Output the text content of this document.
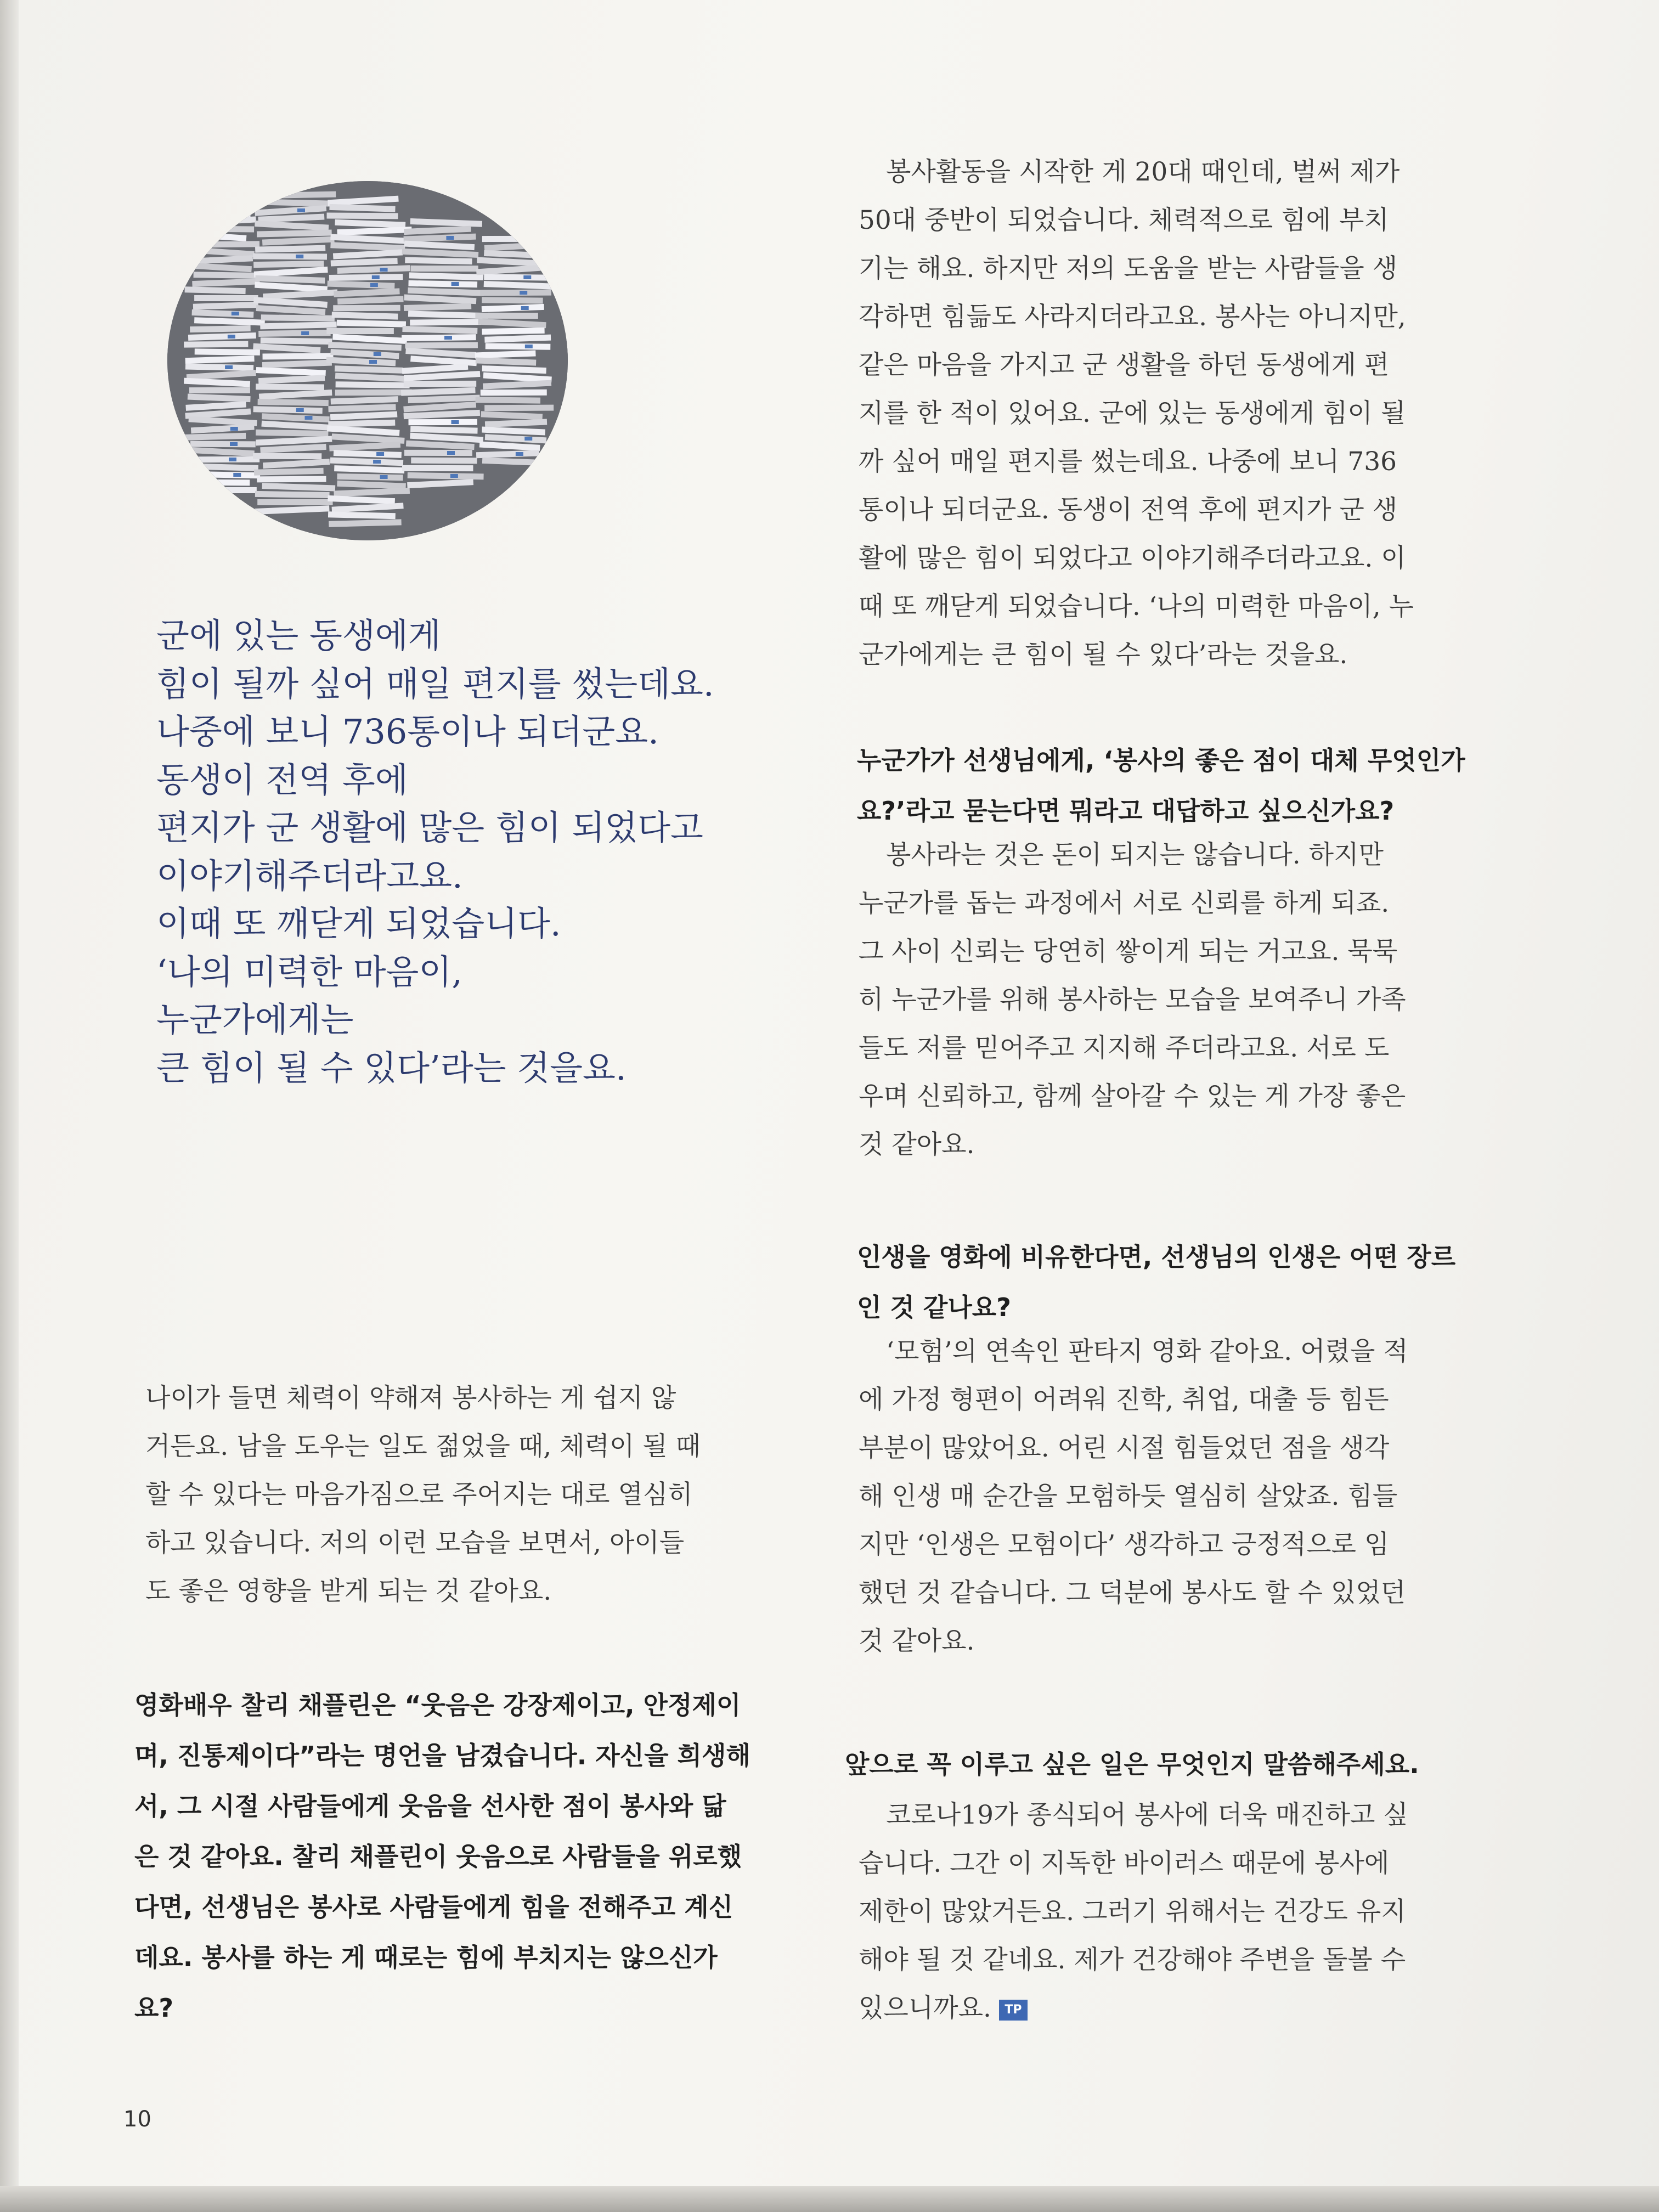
군에 있는 동생에게
힘이 될까 싶어 매일 편지를 썼는데요.
나중에 보니 736통이나 되더군요.
동생이 전역 후에
편지가 군 생활에 많은 힘이 되었다고
이야기해주더라고요.
이때 또 깨닫게 되었습니다.
‘나의 미력한 마음이,
누군가에게는
큰 힘이 될 수 있다’라는 것을요.
나이가 들면 체력이 약해져 봉사하는 게 쉽지 않
거든요. 남을 도우는 일도 젊었을 때, 체력이 될 때
할 수 있다는 마음가짐으로 주어지는 대로 열심히
하고 있습니다. 저의 이런 모습을 보면서, 아이들
도 좋은 영향을 받게 되는 것 같아요.
영화배우 찰리 채플린은 “웃음은 강장제이고, 안정제이
며, 진통제이다”라는 명언을 남겼습니다. 자신을 희생해
서, 그 시절 사람들에게 웃음을 선사한 점이 봉사와 닮
은 것 같아요. 찰리 채플린이 웃음으로 사람들을 위로했
다면, 선생님은 봉사로 사람들에게 힘을 전해주고 계신
데요. 봉사를 하는 게 때로는 힘에 부치지는 않으신가
요?
봉사활동을 시작한 게 20대 때인데, 벌써 제가
50대 중반이 되었습니다. 체력적으로 힘에 부치
기는 해요. 하지만 저의 도움을 받는 사람들을 생
각하면 힘듦도 사라지더라고요. 봉사는 아니지만,
같은 마음을 가지고 군 생활을 하던 동생에게 편
지를 한 적이 있어요. 군에 있는 동생에게 힘이 될
까 싶어 매일 편지를 썼는데요. 나중에 보니 736
통이나 되더군요. 동생이 전역 후에 편지가 군 생
활에 많은 힘이 되었다고 이야기해주더라고요. 이
때 또 깨닫게 되었습니다. ‘나의 미력한 마음이, 누
군가에게는 큰 힘이 될 수 있다’라는 것을요.
누군가가 선생님에게, ‘봉사의 좋은 점이 대체 무엇인가
요?’라고 묻는다면 뭐라고 대답하고 싶으신가요?
봉사라는 것은 돈이 되지는 않습니다. 하지만
누군가를 돕는 과정에서 서로 신뢰를 하게 되죠.
그 사이 신뢰는 당연히 쌓이게 되는 거고요. 묵묵
히 누군가를 위해 봉사하는 모습을 보여주니 가족
들도 저를 믿어주고 지지해 주더라고요. 서로 도
우며 신뢰하고, 함께 살아갈 수 있는 게 가장 좋은
것 같아요.
인생을 영화에 비유한다면, 선생님의 인생은 어떤 장르
인 것 같나요?
‘모험’의 연속인 판타지 영화 같아요. 어렸을 적
에 가정 형편이 어려워 진학, 취업, 대출 등 힘든
부분이 많았어요. 어린 시절 힘들었던 점을 생각
해 인생 매 순간을 모험하듯 열심히 살았죠. 힘들
지만 ‘인생은 모험이다’ 생각하고 긍정적으로 임
했던 것 같습니다. 그 덕분에 봉사도 할 수 있었던
것 같아요.
앞으로 꼭 이루고 싶은 일은 무엇인지 말씀해주세요.
코로나19가 종식되어 봉사에 더욱 매진하고 싶
습니다. 그간 이 지독한 바이러스 때문에 봉사에
제한이 많았거든요. 그러기 위해서는 건강도 유지
해야 될 것 같네요. 제가 건강해야 주변을 돌볼 수
있으니까요. TP
10
